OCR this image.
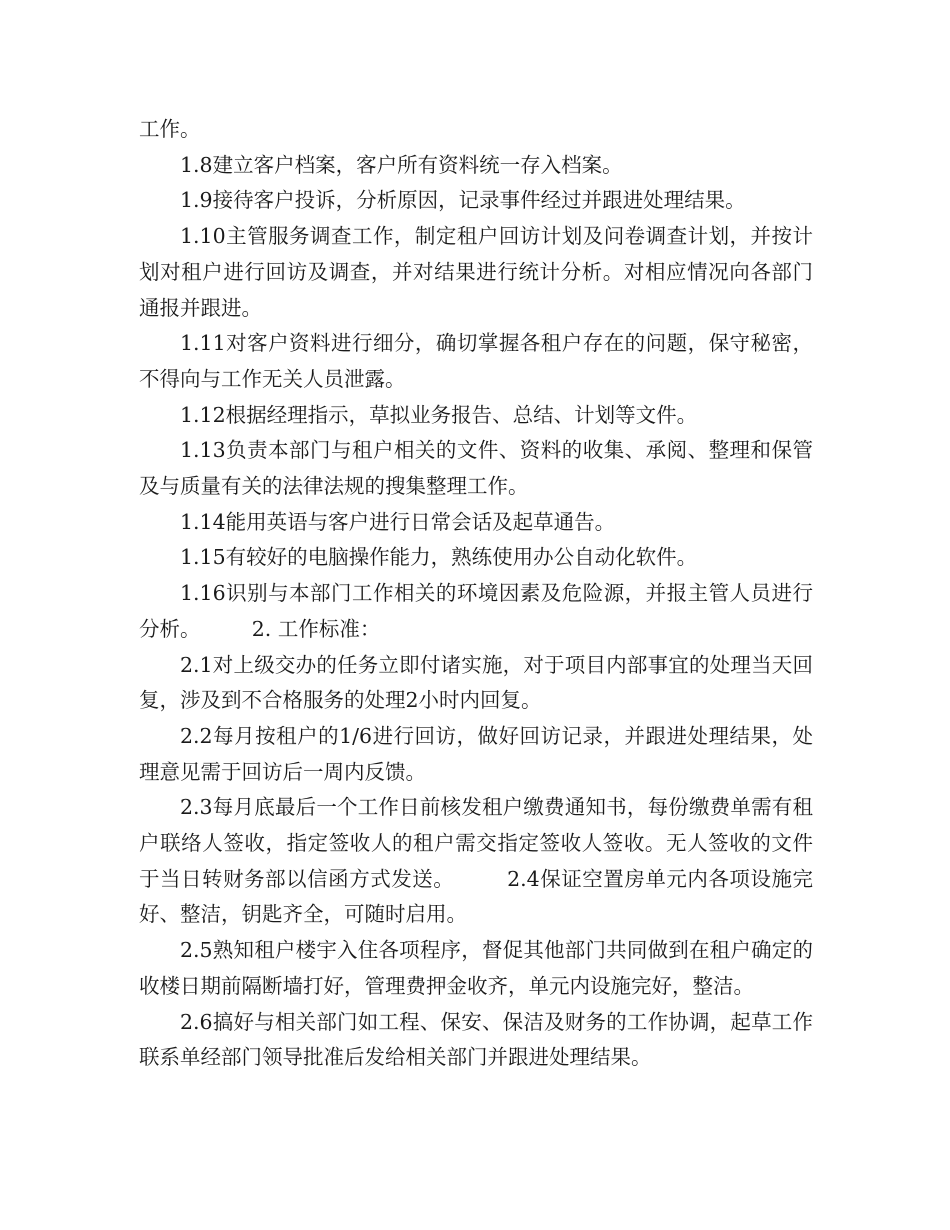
工作。

1.8建立客户档案，客户所有资料统一存入档案。

1.9接待客户投诉，分析原因，记录事件经过并跟进处理结果。

1.10主管服务调查工作，制定租户回访计划及问卷调查计划，并按计划对租户进行回访及调查，并对结果进行统计分析。对相应情况向各部门通报并跟进。

1.11对客户资料进行细分，确切掌握各租户存在的问题，保守秘密，不得向与工作无关人员泄露。

1.12根据经理指示，草拟业务报告、总结、计划等文件。

1.13负责本部门与租户相关的文件、资料的收集、承阅、整理和保管及与质量有关的法律法规的搜集整理工作。

1.14能用英语与客户进行日常会话及起草通告。

1.15有较好的电脑操作能力，熟练使用办公自动化软件。

1.16识别与本部门工作相关的环境因素及危险源，并报主管人员进行分析。　　　2. 工作标准：

2.1对上级交办的任务立即付诸实施，对于项目内部事宜的处理当天回复，涉及到不合格服务的处理2小时内回复。

2.2每月按租户的1/6进行回访，做好回访记录，并跟进处理结果，处理意见需于回访后一周内反馈。

2.3每月底最后一个工作日前核发租户缴费通知书，每份缴费单需有租户联络人签收，指定签收人的租户需交指定签收人签收。无人签收的文件于当日转财务部以信函方式发送。　　　2.4保证空置房单元内各项设施完好、整洁，钥匙齐全，可随时启用。

2.5熟知租户楼宇入住各项程序，督促其他部门共同做到在租户确定的收楼日期前隔断墙打好，管理费押金收齐，单元内设施完好，整洁。

2.6搞好与相关部门如工程、保安、保洁及财务的工作协调，起草工作联系单经部门领导批准后发给相关部门并跟进处理结果。
